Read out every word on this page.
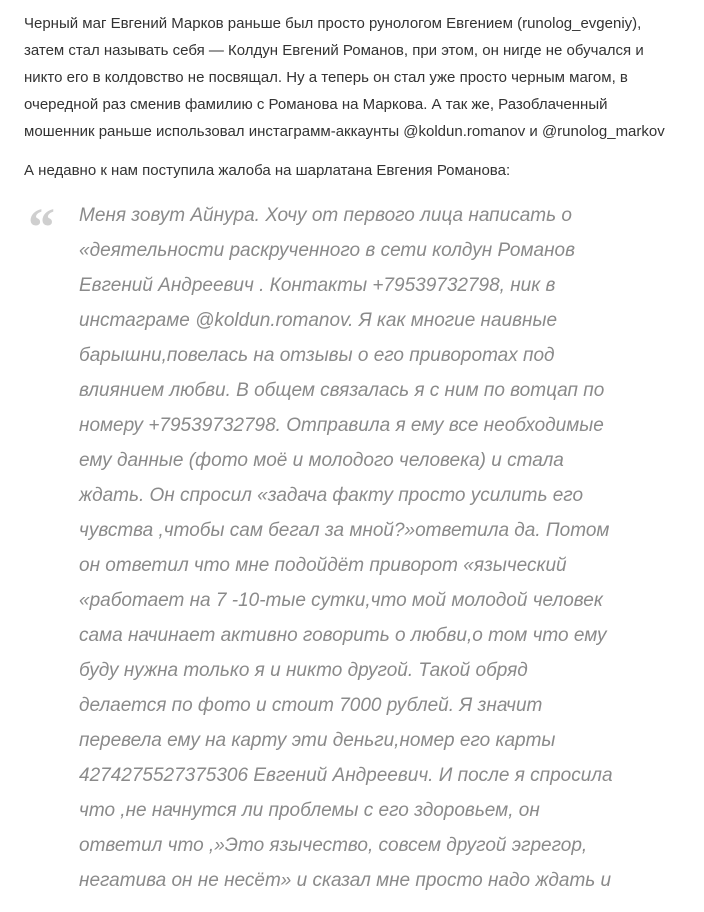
Черный маг Евгений Марков раньше был просто рунологом Евгением (runolog_evgeniy),
затем стал называть себя — Колдун Евгений Романов, при этом, он нигде не обучался и
никто его в колдовство не посвящал. Ну а теперь он стал уже просто черным магом, в
очередной раз сменив фамилию с Романова на Маркова. А так же, Разоблаченный
мошенник раньше использовал инстаграмм-аккаунты @koldun.romanov и @runolog_markov

А недавно к нам поступила жалоба на шарлатана Евгения Романова:

“ Меня зовут Айнура. Хочу от первого лица написать о
«деятельности раскрученного в сети колдун Романов
Евгений Андреевич . Контакты +79539732798, ник в
инстаграме @koldun.romanov. Я как многие наивные
барышни,повелась на отзывы о его приворотах под
влиянием любви. В общем связалась я с ним по вотцап по
номеру +79539732798. Отправила я ему все необходимые
ему данные (фото моё и молодого человека) и стала
ждать. Он спросил «задача факту просто усилить его
чувства ,чтобы сам бегал за мной?»ответила да. Потом
он ответил что мне подойдёт приворот «языческий
«работает на 7 -10-тые сутки,что мой молодой человек
сама начинает активно говорить о любви,о том что ему
буду нужна только я и никто другой. Такой обряд
делается по фото и стоит 7000 рублей. Я значит
перевела ему на карту эти деньги,номер его карты
4274275527375306 Евгений Андреевич. И после я спросила
что ,не начнутся ли проблемы с его здоровьем, он
ответил что ,»Это язычество, совсем другой эгрегор,
негатива он не несёт» и сказал мне просто надо ждать и
